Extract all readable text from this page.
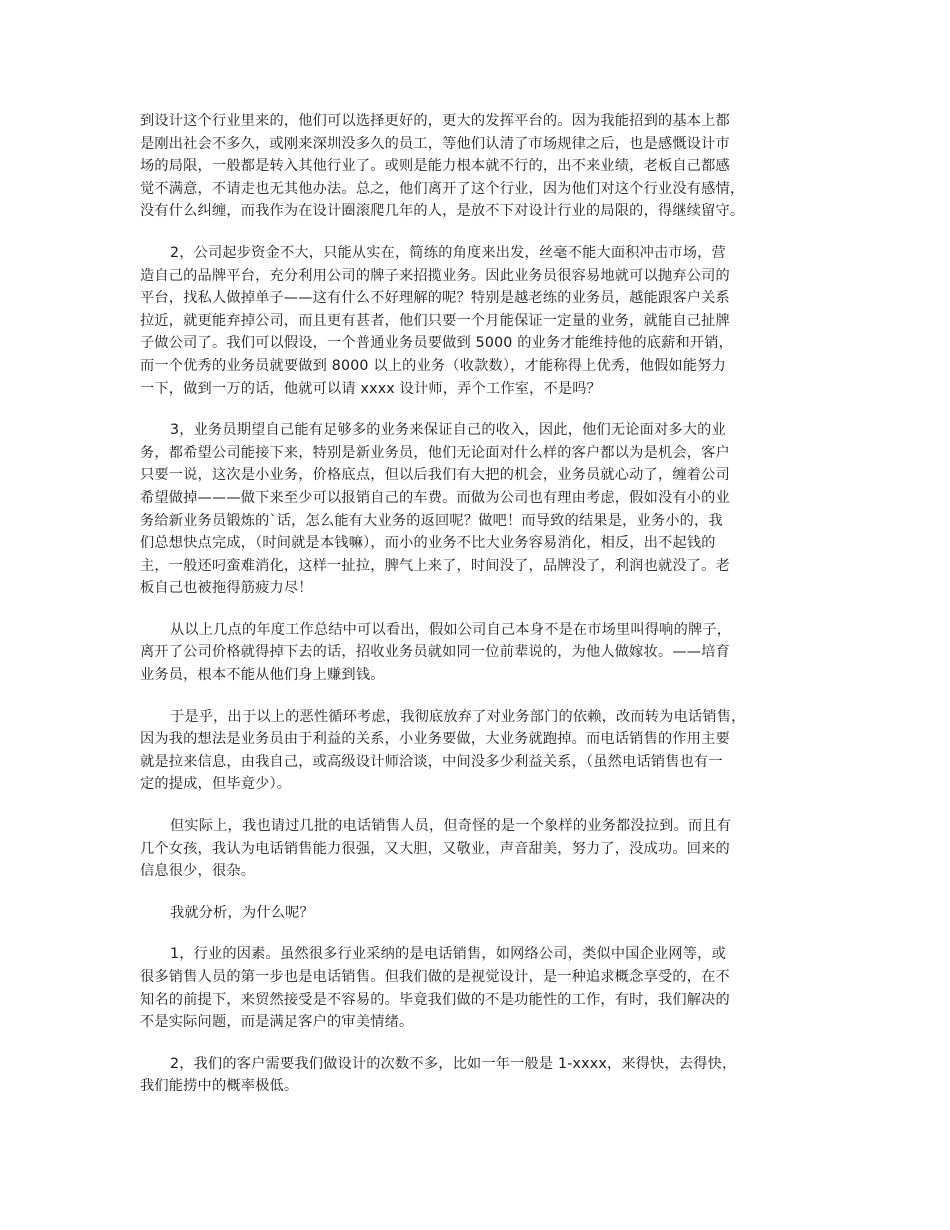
到设计这个行业里来的，他们可以选择更好的，更大的发挥平台的。因为我能招到的基本上都
是刚出社会不多久，或刚来深圳没多久的员工，等他们认清了市场规律之后，也是感慨设计市
场的局限，一般都是转入其他行业了。或则是能力根本就不行的，出不来业绩，老板自己都感
觉不满意，不请走也无其他办法。总之，他们离开了这个行业，因为他们对这个行业没有感情，
没有什么纠缠，而我作为在设计圈滚爬几年的人，是放不下对设计行业的局限的，得继续留守。

2，公司起步资金不大，只能从实在，简练的角度来出发，丝毫不能大面积冲击市场，营
造自己的品牌平台，充分利用公司的牌子来招揽业务。因此业务员很容易地就可以抛弃公司的
平台，找私人做掉单子——这有什么不好理解的呢？特别是越老练的业务员，越能跟客户关系
拉近，就更能弃掉公司，而且更有甚者，他们只要一个月能保证一定量的业务，就能自己扯牌
子做公司了。我们可以假设，一个普通业务员要做到 5000 的业务才能维持他的底薪和开销，
而一个优秀的业务员就要做到 8000 以上的业务（收款数），才能称得上优秀，他假如能努力
一下，做到一万的话，他就可以请 xxxx 设计师，弄个工作室，不是吗？

3，业务员期望自己能有足够多的业务来保证自己的收入，因此，他们无论面对多大的业
务，都希望公司能接下来，特别是新业务员，他们无论面对什么样的客户都以为是机会，客户
只要一说，这次是小业务，价格底点，但以后我们有大把的机会，业务员就心动了，缠着公司
希望做掉———做下来至少可以报销自己的车费。而做为公司也有理由考虑，假如没有小的业
务给新业务员锻炼的`话，怎么能有大业务的返回呢？做吧！而导致的结果是，业务小的，我
们总想快点完成，（时间就是本钱嘛），而小的业务不比大业务容易消化，相反，出不起钱的
主，一般还叼蛮难消化，这样一扯拉，脾气上来了，时间没了，品牌没了，利润也就没了。老
板自己也被拖得筋疲力尽！

从以上几点的年度工作总结中可以看出，假如公司自己本身不是在市场里叫得响的牌子，
离开了公司价格就得掉下去的话，招收业务员就如同一位前辈说的，为他人做嫁妆。——培育
业务员，根本不能从他们身上赚到钱。

于是乎，出于以上的恶性循环考虑，我彻底放弃了对业务部门的依赖，改而转为电话销售，
因为我的想法是业务员由于利益的关系，小业务要做，大业务就跑掉。而电话销售的作用主要
就是拉来信息，由我自己，或高级设计师洽谈，中间没多少利益关系，（虽然电话销售也有一
定的提成，但毕竟少）。

但实际上，我也请过几批的电话销售人员，但奇怪的是一个象样的业务都没拉到。而且有
几个女孩，我认为电话销售能力很强，又大胆，又敬业，声音甜美，努力了，没成功。回来的
信息很少，很杂。

我就分析，为什么呢？

1，行业的因素。虽然很多行业采纳的是电话销售，如网络公司，类似中国企业网等，或
很多销售人员的第一步也是电话销售。但我们做的是视觉设计，是一种追求概念享受的，在不
知名的前提下，来贸然接受是不容易的。毕竟我们做的不是功能性的工作，有时，我们解决的
不是实际问题，而是满足客户的审美情绪。

2，我们的客户需要我们做设计的次数不多，比如一年一般是 1-xxxx，来得快，去得快，
我们能捞中的概率极低。
